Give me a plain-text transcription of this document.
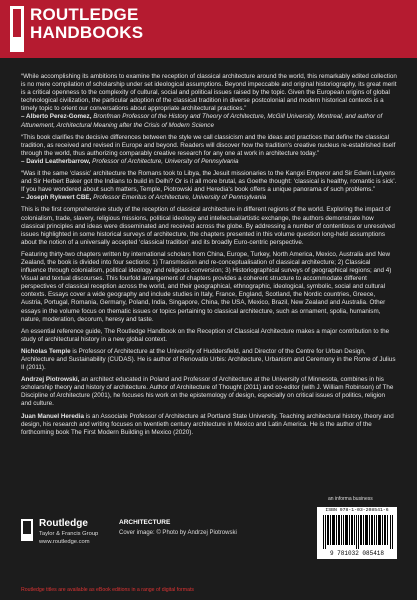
ROUTLEDGE
HANDBOOKS

“While accomplishing its ambitions to examine the reception of classical architecture around the world, this remarkably edited collection is no mere compilation of scholarship under set ideological assumptions. Beyond impeccable and original historiography, its great merit is a critical openness to the complexity of cultural, social and political issues raised by the topic. Given the European origins of global technological civilization, the particular adoption of the classical tradition in diverse postcolonial and modern historical contexts is a timely topic to orient our conversations about appropriate architectural practices.”
– Alberto Perez-Gomez, Bronfman Professor of the History and Theory of Architecture, McGill University, Montreal, and author of Attunement, Architectural Meaning after the Crisis of Modern Science

“This book clarifies the decisive differences between the style we call classicism and the ideas and practices that define the classical tradition, as received and revised in Europe and beyond. Readers will discover how the tradition's creative nucleus re-established itself through the world, thus authorizing comparably creative research for any one at work in architecture today.”
– David Leatherbarrow, Professor of Architecture, University of Pennsylvania

“Was it the same ‘classic’ architecture the Romans took to Libya, the Jesuit missionaries to the Kangxi Emperor and Sir Edwin Lutyens and Sir Herbert Baker got the Indians to build in Delhi? Or is it all more brutal, as Goethe thought: ‘classical is healthy, romantic is sick’. If you have wondered about such matters, Temple, Piotrowski and Heredia's book offers a unique panorama of such problems.”
– Joseph Rykwert CBE, Professor Emeritus of Architecture, University of Pennsylvania

This is the first comprehensive study of the reception of classical architecture in different regions of the world. Exploring the impact of colonialism, trade, slavery, religious missions, political ideology and intellectual/artistic exchange, the authors demonstrate how classical principles and ideas were disseminated and received across the globe. By addressing a number of contentious or unresolved issues highlighted in some historical surveys of architecture, the chapters presented in this volume question long-held assumptions about the notion of a universally accepted ‘classical tradition’ and its broadly Euro-centric perspective.

Featuring thirty-two chapters written by international scholars from China, Europe, Turkey, North America, Mexico, Australia and New Zealand, the book is divided into four sections: 1) Transmission and re-conceptualisation of classical architecture; 2) Classical influence through colonialism, political ideology and religious conversion; 3) Historiographical surveys of geographical regions; and 4) Visual and textual discourses. This fourfold arrangement of chapters provides a coherent structure to accommodate different perspectives of classical reception across the world, and their geographical, ethnographic, ideological, symbolic, social and cultural contexts. Essays cover a wide geography and include studies in Italy, France, England, Scotland, the Nordic countries, Greece, Austria, Portugal, Romania, Germany, Poland, India, Singapore, China, the USA, Mexico, Brazil, New Zealand and Australia. Other essays in the volume focus on thematic issues or topics pertaining to classical architecture, such as ornament, spolia, humanism, nature, moderation, decorum, heresy and taste.

An essential reference guide, The Routledge Handbook on the Reception of Classical Architecture makes a major contribution to the study of architectural history in a new global context.

Nicholas Temple is Professor of Architecture at the University of Huddersfield, and Director of the Centre for Urban Design, Architecture and Sustainability (CUDAS). He is author of Renovatio Urbis: Architecture, Urbanism and Ceremony in the Rome of Julius II (2011).

Andrzej Piotrowski, an architect educated in Poland and Professor of Architecture at the University of Minnesota, combines in his scholarship theory and history of architecture. Author of Architecture of Thought (2011) and co-editor (with J. William Robinson) of The Discipline of Architecture (2001), he focuses his work on the epistemology of design, especially on critical issues of politics, religion and culture.

Juan Manuel Heredia is an Associate Professor of Architecture at Portland State University. Teaching architectural history, theory and design, his research and writing focuses on twentieth century architecture in Mexico and Latin America. He is the author of the forthcoming book The First Modern Building in Mexico (2020).

Routledge
Taylor & Francis Group
www.routledge.com
ARCHITECTURE
Cover image: © Photo by Andrzej Piotrowski
an informa business
ISBN 978-1-03-208541-6
9 781032 085418
Routledge titles are available as eBook editions in a range of digital formats
